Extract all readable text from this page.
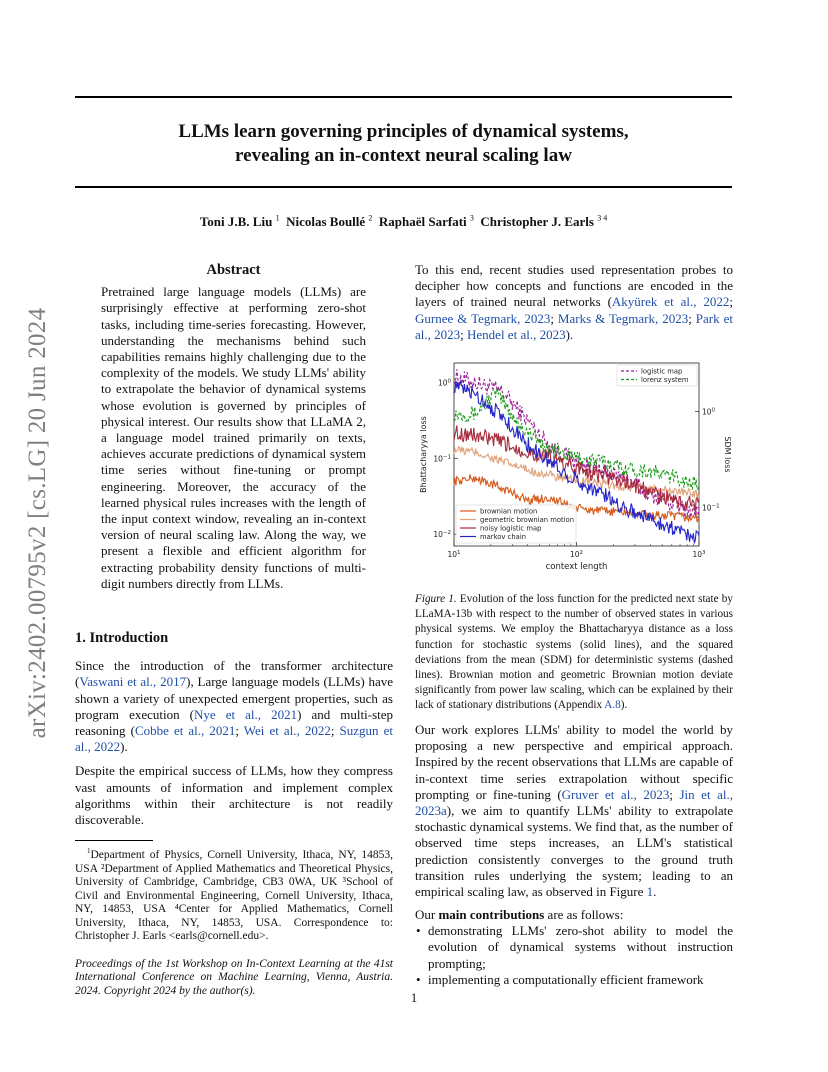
LLMs learn governing principles of dynamical systems,
revealing an in-context neural scaling law
Toni J.B. Liu $^1$ Nicolas Boullé $^2$ Raphaël Sarfati $^3$ Christopher J. Earls $^{3 4}$
arXiv:2402.00795v2 [cs.LG] 20 Jun 2024
Abstract
Pretrained large language models (LLMs) are surprisingly effective at performing zero-shot tasks, including time-series forecasting. However, understanding the mechanisms behind such capabilities remains highly challenging due to the complexity of the models. We study LLMs' ability to extrapolate the behavior of dynamical systems whose evolution is governed by principles of physical interest. Our results show that LLaMA 2, a language model trained primarily on texts, achieves accurate predictions of dynamical system time series without fine-tuning or prompt engineering. Moreover, the accuracy of the learned physical rules increases with the length of the input context window, revealing an in-context version of neural scaling law. Along the way, we present a flexible and efficient algorithm for extracting probability density functions of multi-digit numbers directly from LLMs.
1. Introduction
Since the introduction of the transformer architecture (Vaswani et al., 2017), Large language models (LLMs) have shown a variety of unexpected emergent properties, such as program execution (Nye et al., 2021) and multi-step reasoning (Cobbe et al., 2021; Wei et al., 2022; Suzgun et al., 2022).
Despite the empirical success of LLMs, how they compress vast amounts of information and implement complex algorithms within their architecture is not readily discoverable.
$^1$Department of Physics, Cornell University, Ithaca, NY, 14853, USA ²Department of Applied Mathematics and Theoretical Physics, University of Cambridge, Cambridge, CB3 0WA, UK ³School of Civil and Environmental Engineering, Cornell University, Ithaca, NY, 14853, USA ⁴Center for Applied Mathematics, Cornell University, Ithaca, NY, 14853, USA. Correspondence to: Christopher J. Earls <earls@cornell.edu>.
Proceedings of the 1st Workshop on In-Context Learning at the 41st International Conference on Machine Learning, Vienna, Austria. 2024. Copyright 2024 by the author(s).
To this end, recent studies used representation probes to decipher how concepts and functions are encoded in the layers of trained neural networks (Akyürek et al., 2022; Gurnee & Tegmark, 2023; Marks & Tegmark, 2023; Park et al., 2023; Hendel et al., 2023).
$10^1$	$10^2$	$10^3$
$10^0$
$10^{-1}$
$10^{-2}$
$10^0$
$10^{-1}$
context length
Bhattacharyya loss	SDM loss
logistic map
lorenz system
brownian motion
geometric brownian motion
noisy logistic map
markov chain
Figure 1. Evolution of the loss function for the predicted next state by LLaMA-13b with respect to the number of observed states in various physical systems. We employ the Bhattacharyya distance as a loss function for stochastic systems (solid lines), and the squared deviations from the mean (SDM) for deterministic systems (dashed lines). Brownian motion and geometric Brownian motion deviate significantly from power law scaling, which can be explained by their lack of stationary distributions (Appendix A.8).
Our work explores LLMs' ability to model the world by proposing a new perspective and empirical approach. Inspired by the recent observations that LLMs are capable of in-context time series extrapolation without specific prompting or fine-tuning (Gruver et al., 2023; Jin et al., 2023a), we aim to quantify LLMs' ability to extrapolate stochastic dynamical systems. We find that, as the number of observed time steps increases, an LLM's statistical prediction consistently converges to the ground truth transition rules underlying the system; leading to an empirical scaling law, as observed in Figure 1.
Our main contributions are as follows:
• demonstrating LLMs' zero-shot ability to model the evolution of dynamical systems without instruction prompting;
• implementing a computationally efficient framework
1
